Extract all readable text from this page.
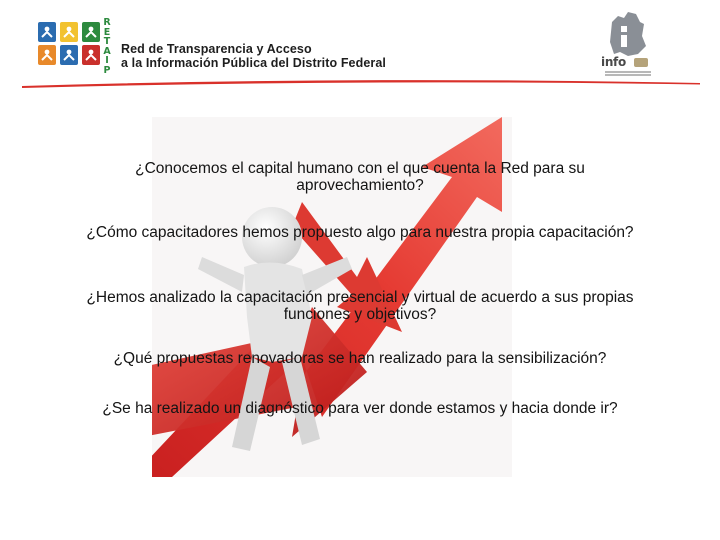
R
E
T
A
I
P
Red de Transparencia y Acceso
a la Información Pública del Distrito Federal	info
¿Conocemos el capital humano con el que cuenta la Red para su aprovechamiento?
¿Cómo capacitadores hemos propuesto algo para nuestra propia capacitación?
¿Hemos analizado la capacitación presencial y virtual de acuerdo a sus propias funciones y objetivos?
¿Qué propuestas renovadoras se han realizado para la sensibilización?
¿Se ha realizado un diagnóstico para ver donde estamos y hacia donde ir?
